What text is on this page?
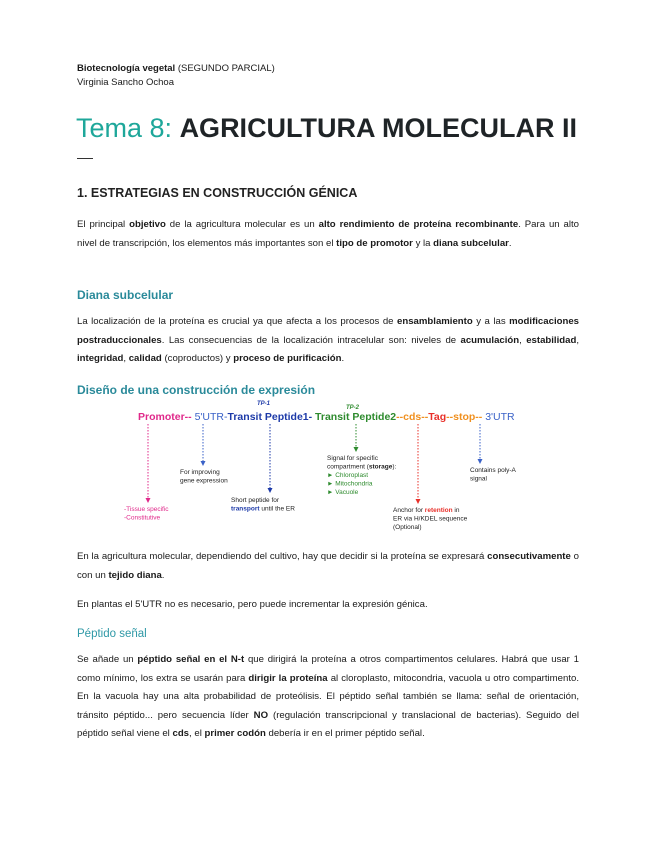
Biotecnología vegetal (SEGUNDO PARCIAL)
Virginia Sancho Ochoa
Tema 8: AGRICULTURA MOLECULAR II
1. ESTRATEGIAS EN CONSTRUCCIÓN GÉNICA
El principal objetivo de la agricultura molecular es un alto rendimiento de proteína recombinante. Para un alto nivel de transcripción, los elementos más importantes son el tipo de promotor y la diana subcelular.
Diana subcelular
La localización de la proteína es crucial ya que afecta a los procesos de ensamblamiento y a las modificaciones postraduccionales. Las consecuencias de la localización intracelular son: niveles de acumulación, estabilidad, integridad, calidad (coproductos) y proceso de purificación.
Diseño de una construcción de expresión
TP-1
TP-2
Promoter-- 5'UTR-Transit Peptide1- Transit Peptide2--cds--Tag--stop-- 3'UTR
For improving gene expression
-Tissue specific -Constitutive
Short peptide for transport until the ER
Signal for specific compartment (storage): ► Chloroplast ► Mitochondria ► Vacuole
Anchor for retention in ER via H/KDEL sequence (Optional)
Contains poly-A signal
En la agricultura molecular, dependiendo del cultivo, hay que decidir si la proteína se expresará consecutivamente o con un tejido diana.
En plantas el 5'UTR no es necesario, pero puede incrementar la expresión génica.
Péptido señal
Se añade un péptido señal en el N-t que dirigirá la proteína a otros compartimentos celulares. Habrá que usar 1 como mínimo, los extra se usarán para dirigir la proteína al cloroplasto, mitocondria, vacuola u otro compartimento. En la vacuola hay una alta probabilidad de proteólisis. El péptido señal también se llama: señal de orientación, tránsito péptido... pero secuencia líder NO (regulación transcripcional y translacional de bacterias). Seguido del péptido señal viene el cds, el primer codón debería ir en el primer péptido señal.
